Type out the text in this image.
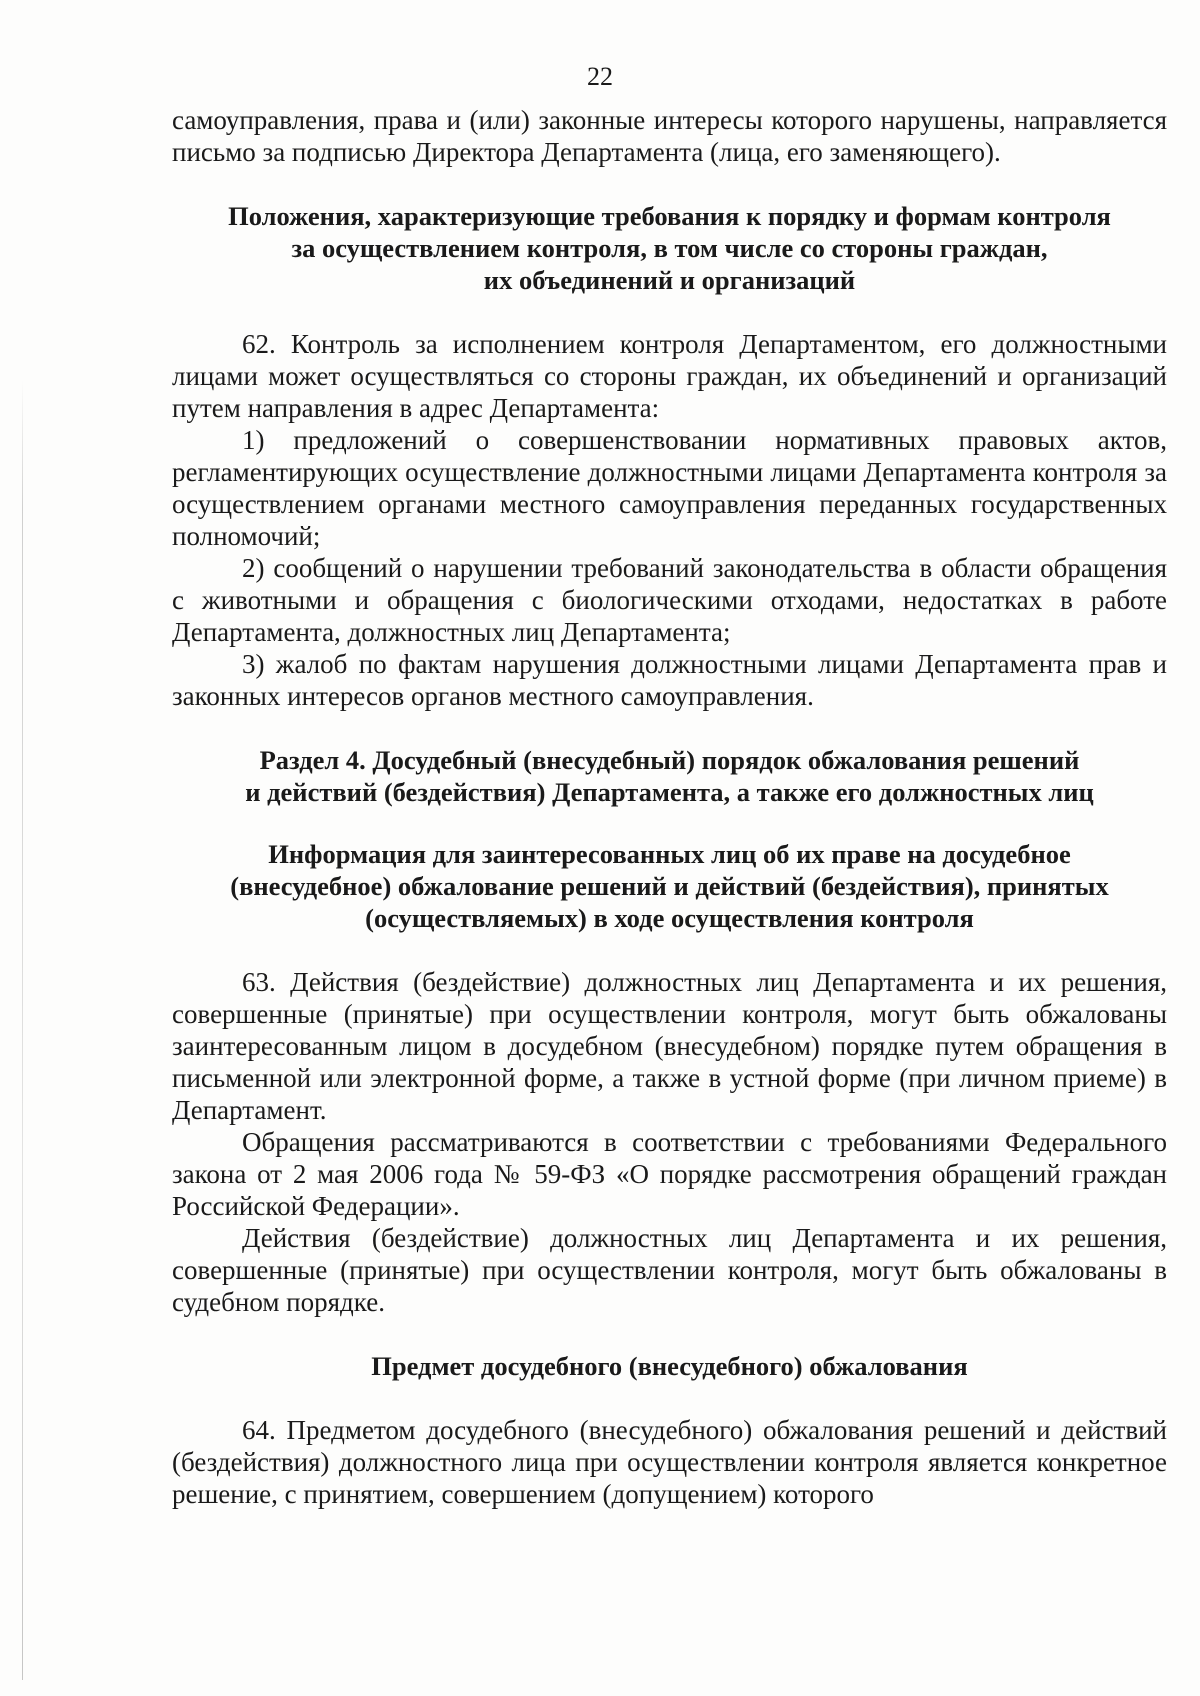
22

самоуправления, права и (или) законные интересы которого нарушены, направляется письмо за подписью Директора Департамента (лица, его заменяющего).

Положения, характеризующие требования к порядку и формам контроля

за осуществлением контроля, в том числе со стороны граждан,

их объединений и организаций

62. Контроль за исполнением контроля Департаментом, его должностными лицами может осуществляться со стороны граждан, их объединений и организаций путем направления в адрес Департамента:

1) предложений о совершенствовании нормативных правовых актов, регламентирующих осуществление должностными лицами Департамента контроля за осуществлением органами местного самоуправления переданных государственных полномочий;

2) сообщений о нарушении требований законодательства в области обращения с животными и обращения с биологическими отходами, недостатках в работе Департамента, должностных лиц Департамента;

3) жалоб по фактам нарушения должностными лицами Департамента прав и законных интересов органов местного самоуправления.

Раздел 4. Досудебный (внесудебный) порядок обжалования решений

и действий (бездействия) Департамента, а также его должностных лиц

Информация для заинтересованных лиц об их праве на досудебное

(внесудебное) обжалование решений и действий (бездействия), принятых

(осуществляемых) в ходе осуществления контроля

63. Действия (бездействие) должностных лиц Департамента и их решения, совершенные (принятые) при осуществлении контроля, могут быть обжалованы заинтересованным лицом в досудебном (внесудебном) порядке путем обращения в письменной или электронной форме, а также в устной форме (при личном приеме) в Департамент.

Обращения рассматриваются в соответствии с требованиями Федерального закона от 2 мая 2006 года № 59-ФЗ «О порядке рассмотрения обращений граждан Российской Федерации».

Действия (бездействие) должностных лиц Департамента и их решения, совершенные (принятые) при осуществлении контроля, могут быть обжалованы в судебном порядке.

Предмет досудебного (внесудебного) обжалования

64. Предметом досудебного (внесудебного) обжалования решений и действий (бездействия) должностного лица при осуществлении контроля является конкретное решение, с принятием, совершением (допущением) которого
